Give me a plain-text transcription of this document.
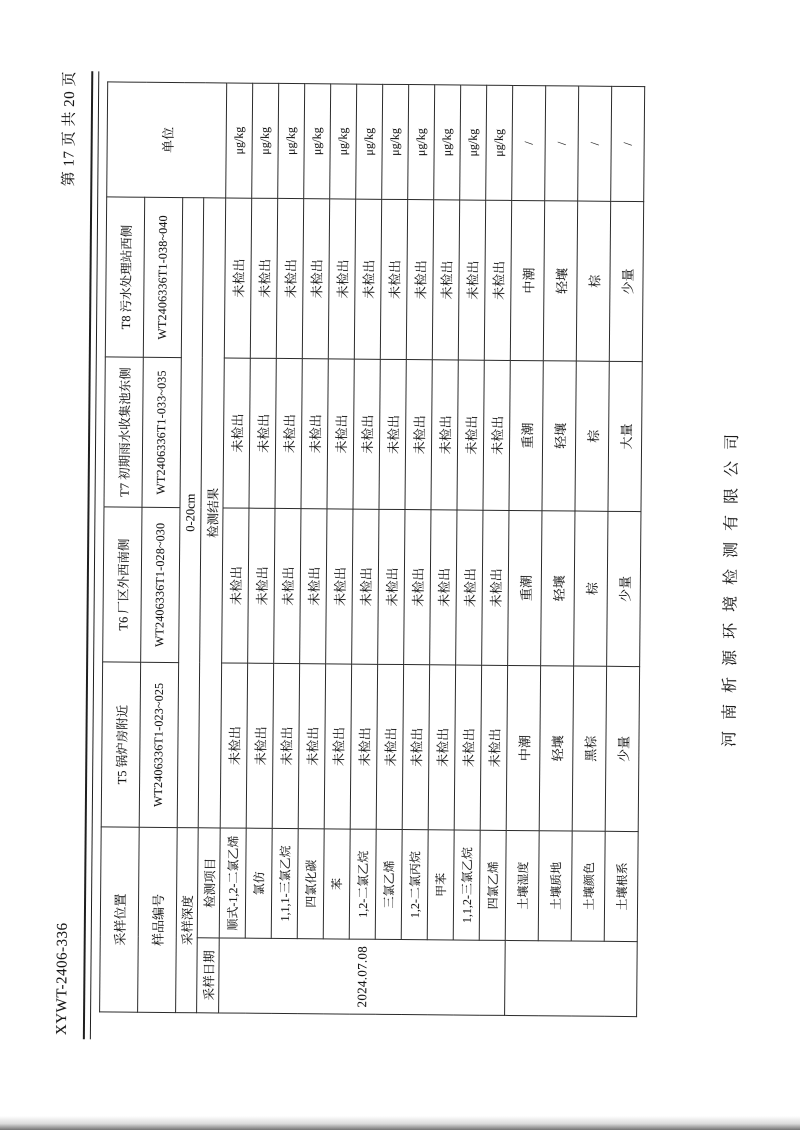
XYWT-2406-336
第 17 页 共 20 页
采样位置		T5 锅炉房附近	T6 厂区外西南侧	T7 初期雨水收集池东侧	T8 污水处理站西侧	单位
样品编号		WT2406336T1-023~025	WT2406336T1-028~030	WT2406336T1-033~035	WT2406336T1-038~040	
采样深度		0-20cm				
采样日期	检测项目	检测结果				
2024.07.08	顺式-1,2-二氯乙烯	未检出	未检出	未检出	未检出	μg/kg
	氯仿	未检出	未检出	未检出	未检出	μg/kg
	1,1,1-三氯乙烷	未检出	未检出	未检出	未检出	μg/kg
	四氯化碳	未检出	未检出	未检出	未检出	μg/kg
	苯	未检出	未检出	未检出	未检出	μg/kg
	1,2-二氯乙烷	未检出	未检出	未检出	未检出	μg/kg
	三氯乙烯	未检出	未检出	未检出	未检出	μg/kg
	1,2-二氯丙烷	未检出	未检出	未检出	未检出	μg/kg
	甲苯	未检出	未检出	未检出	未检出	μg/kg
	1,1,2-三氯乙烷	未检出	未检出	未检出	未检出	μg/kg
	四氯乙烯	未检出	未检出	未检出	未检出	μg/kg
	土壤湿度	中潮	重潮	重潮	中潮	/
	土壤质地	轻壤	轻壤	轻壤	轻壤	/
	土壤颜色	黑棕	棕	棕	棕	/
	土壤根系	少量	少量	大量	少量	/
河南析源环境检测有限公司
